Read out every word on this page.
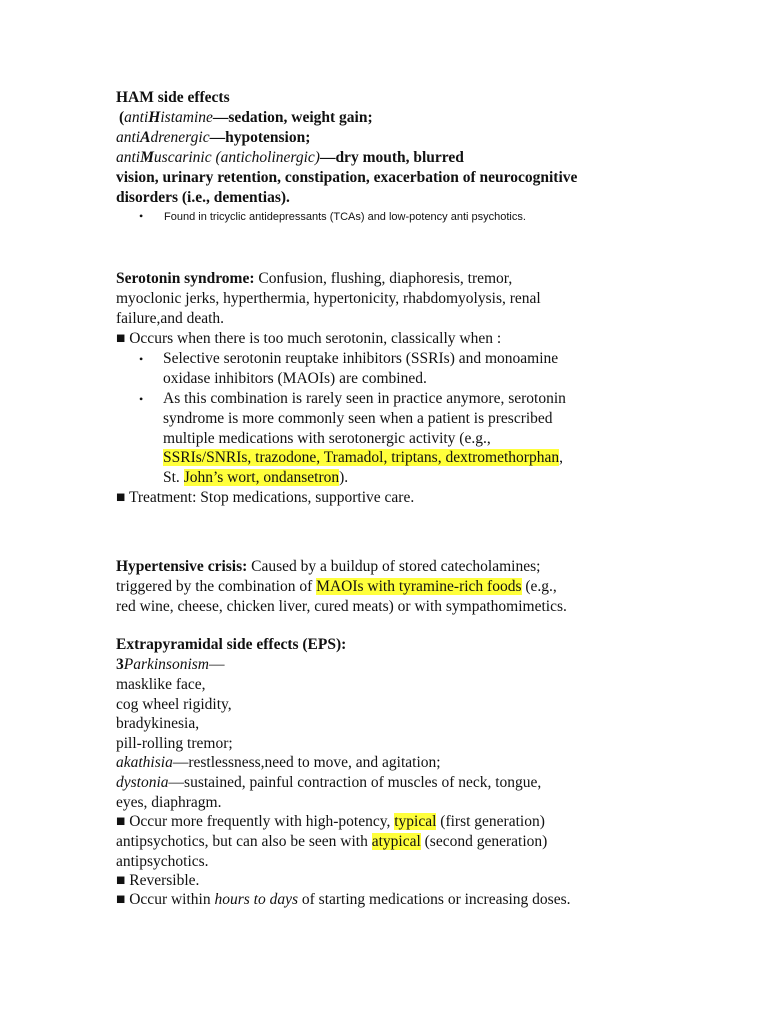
HAM side effects
(antiHistamine—sedation, weight gain;
antiAdrenergic—hypotension;
antiMuscarinic (anticholinergic)—dry mouth, blurred
vision, urinary retention, constipation, exacerbation of neurocognitive
disorders (i.e., dementias).
• Found in tricyclic antidepressants (TCAs) and low-potency anti psychotics.
Serotonin syndrome: Confusion, flushing, diaphoresis, tremor,
myoclonic jerks, hyperthermia, hypertonicity, rhabdomyolysis, renal
failure,and death.
■ Occurs when there is too much serotonin, classically when :
• Selective serotonin reuptake inhibitors (SSRIs) and monoamine
oxidase inhibitors (MAOIs) are combined.
• As this combination is rarely seen in practice anymore, serotonin
syndrome is more commonly seen when a patient is prescribed
multiple medications with serotonergic activity (e.g.,
SSRIs/SNRIs, trazodone, Tramadol, triptans, dextromethorphan,
St. John’s wort, ondansetron).
■ Treatment: Stop medications, supportive care.
Hypertensive crisis: Caused by a buildup of stored catecholamines;
triggered by the combination of MAOIs with tyramine-rich foods (e.g.,
red wine, cheese, chicken liver, cured meats) or with sympathomimetics.
Extrapyramidal side effects (EPS):
3Parkinsonism—
masklike face,
cog wheel rigidity,
bradykinesia,
pill-rolling tremor;
akathisia—restlessness,need to move, and agitation;
dystonia—sustained, painful contraction of muscles of neck, tongue,
eyes, diaphragm.
■ Occur more frequently with high-potency, typical (first generation)
antipsychotics, but can also be seen with atypical (second generation)
antipsychotics.
■ Reversible.
■ Occur within hours to days of starting medications or increasing doses.
